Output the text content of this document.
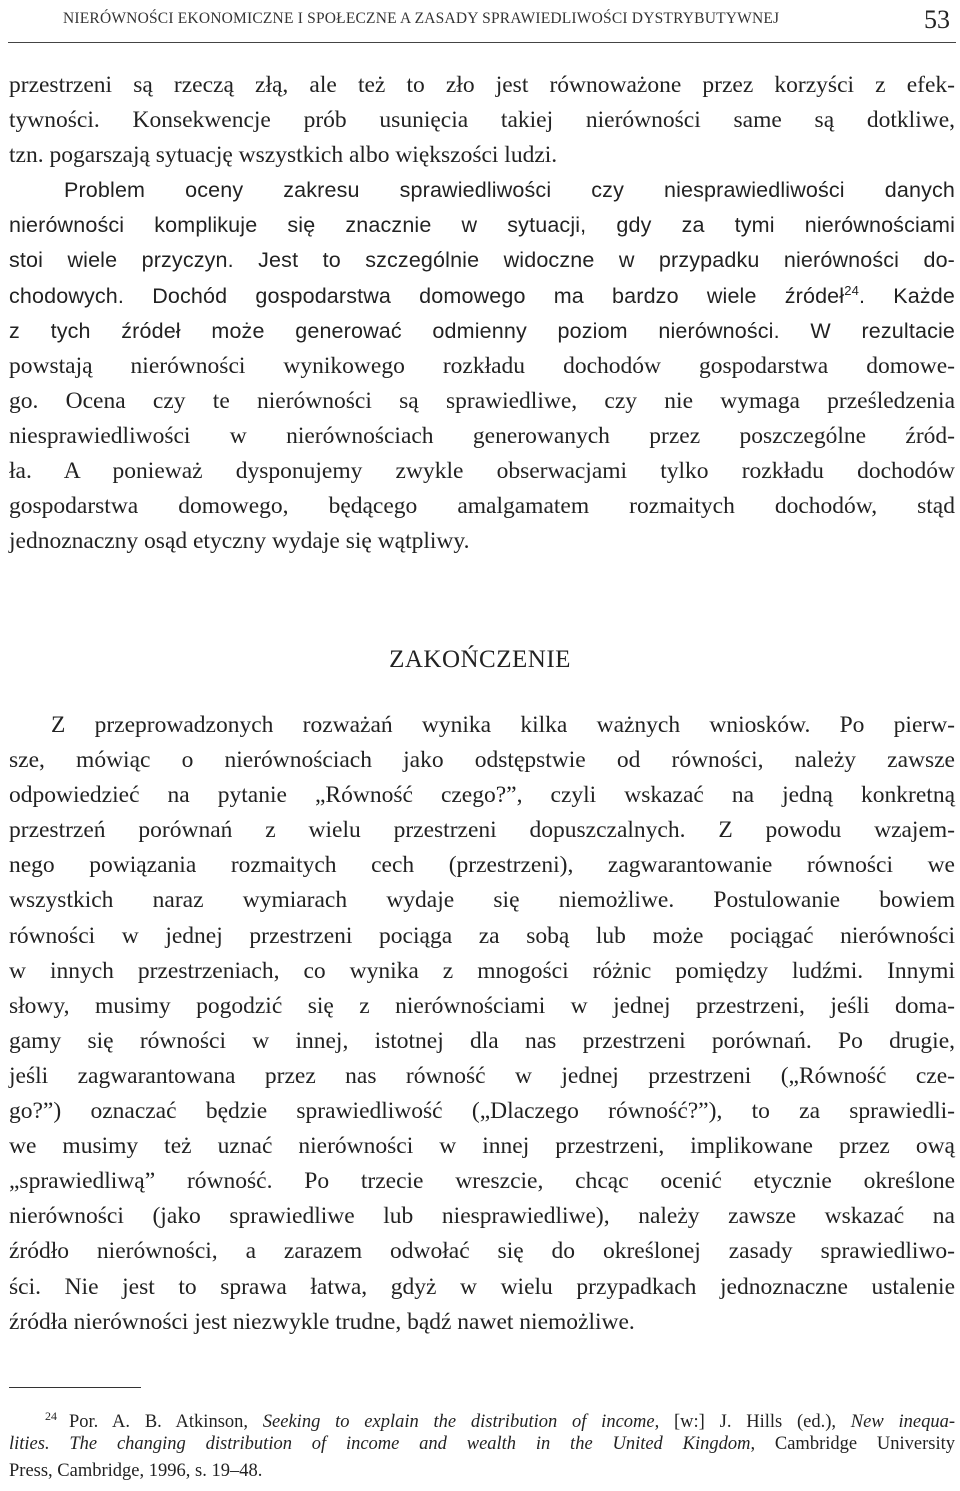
NIERÓWNOŚCI EKONOMICZNE I SPOŁECZNE A ZASADY SPRAWIEDLIWOŚCI DYSTRYBUTYWNEJ	53
przestrzeni są rzeczą złą, ale też to zło jest równoważone przez korzyści z efek-
tywności. Konsekwencje prób usunięcia takiej nierówności same są dotkliwe,
tzn. pogarszają sytuację wszystkich albo większości ludzi.
Problem oceny zakresu sprawiedliwości czy niesprawiedliwości danych
nierówności komplikuje się znacznie w sytuacji, gdy za tymi nierównościami
stoi wiele przyczyn. Jest to szczególnie widoczne w przypadku nierówności do-
chodowych. Dochód gospodarstwa domowego ma bardzo wiele źródeł$^{24}$. Każde
z tych źródeł może generować odmienny poziom nierówności. W rezultacie
powstają nierówności wynikowego rozkładu dochodów gospodarstwa domowe-
go. Ocena czy te nierówności są sprawiedliwe, czy nie wymaga prześledzenia
niesprawiedliwości w nierównościach generowanych przez poszczególne źród-
ła. A ponieważ dysponujemy zwykle obserwacjami tylko rozkładu dochodów
gospodarstwa domowego, będącego amalgamatem rozmaitych dochodów, stąd
jednoznaczny osąd etyczny wydaje się wątpliwy.
ZAKOŃCZENIE
Z przeprowadzonych rozważań wynika kilka ważnych wniosków. Po pierw-
sze, mówiąc o nierównościach jako odstępstwie od równości, należy zawsze
odpowiedzieć na pytanie „Równość czego?”, czyli wskazać na jedną konkretną
przestrzeń porównań z wielu przestrzeni dopuszczalnych. Z powodu wzajem-
nego powiązania rozmaitych cech (przestrzeni), zagwarantowanie równości we
wszystkich naraz wymiarach wydaje się niemożliwe. Postulowanie bowiem
równości w jednej przestrzeni pociąga za sobą lub może pociągać nierówności
w innych przestrzeniach, co wynika z mnogości różnic pomiędzy ludźmi. Innymi
słowy, musimy pogodzić się z nierównościami w jednej przestrzeni, jeśli doma-
gamy się równości w innej, istotnej dla nas przestrzeni porównań. Po drugie,
jeśli zagwarantowana przez nas równość w jednej przestrzeni („Równość cze-
go?”) oznaczać będzie sprawiedliwość („Dlaczego równość?”), to za sprawiedli-
we musimy też uznać nierówności w innej przestrzeni, implikowane przez ową
„sprawiedliwą” równość. Po trzecie wreszcie, chcąc ocenić etycznie określone
nierówności (jako sprawiedliwe lub niesprawiedliwe), należy zawsze wskazać na
źródło nierówności, a zarazem odwołać się do określonej zasady sprawiedliwo-
ści. Nie jest to sprawa łatwa, gdyż w wielu przypadkach jednoznaczne ustalenie
źródła nierówności jest niezwykle trudne, bądź nawet niemożliwe.
$^{24}$ Por. A. B. Atkinson, Seeking to explain the distribution of income, [w:] J. Hills (ed.), New inequa-
lities. The changing distribution of income and wealth in the United Kingdom, Cambridge University
Press, Cambridge, 1996, s. 19–48.
